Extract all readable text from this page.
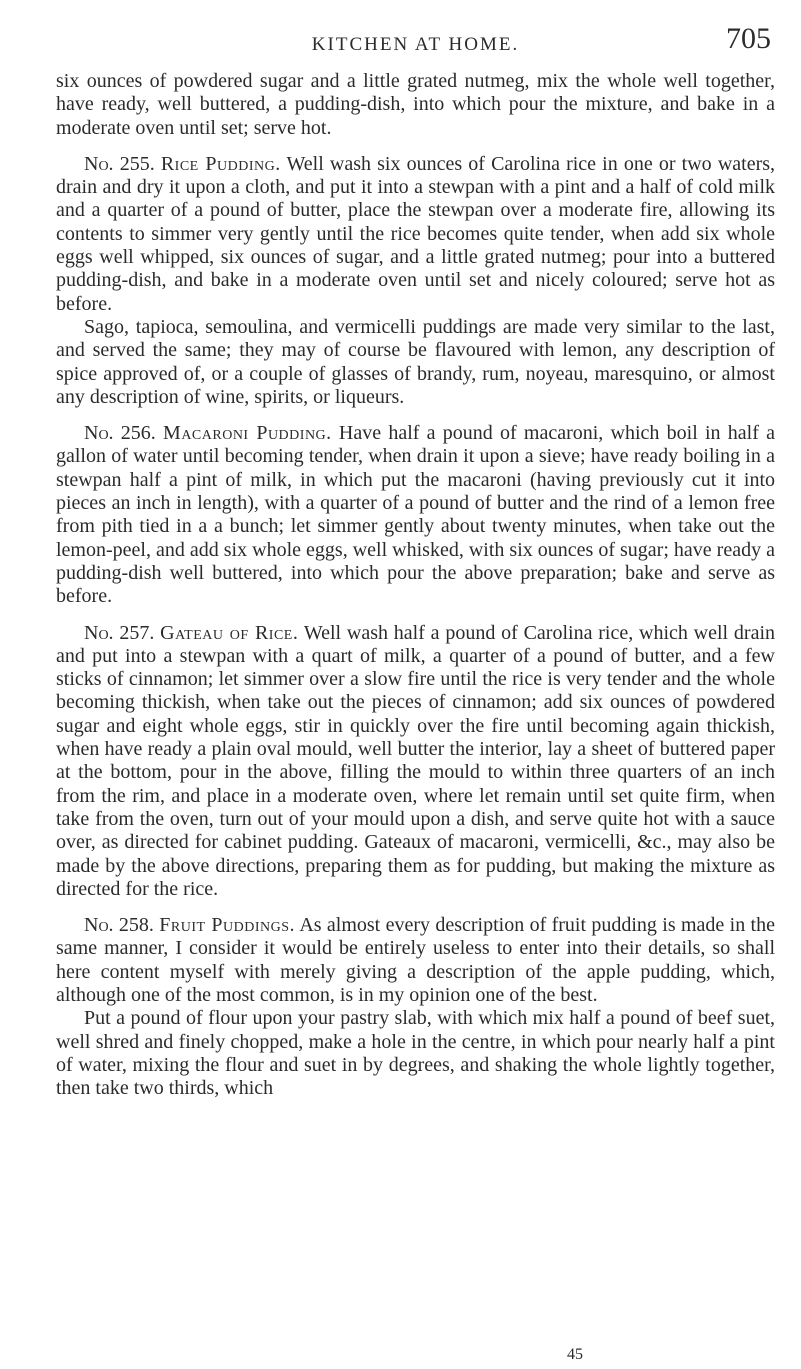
KITCHEN AT HOME.	705

six ounces of powdered sugar and a little grated nutmeg, mix the whole well together, have ready, well buttered, a pudding-dish, into which pour the mixture, and bake in a moderate oven until set; serve hot.

No. 255. Rice Pudding. Well wash six ounces of Carolina rice in one or two waters, drain and dry it upon a cloth, and put it into a stewpan with a pint and a half of cold milk and a quarter of a pound of butter, place the stewpan over a moderate fire, allowing its contents to simmer very gently until the rice becomes quite tender, when add six whole eggs well whipped, six ounces of sugar, and a little grated nutmeg; pour into a buttered pudding-dish, and bake in a moderate oven until set and nicely coloured; serve hot as before.

Sago, tapioca, semoulina, and vermicelli puddings are made very similar to the last, and served the same; they may of course be flavoured with lemon, any description of spice approved of, or a couple of glasses of brandy, rum, noyeau, maresquino, or almost any description of wine, spirits, or liqueurs.

No. 256. Macaroni Pudding. Have half a pound of macaroni, which boil in half a gallon of water until becoming tender, when drain it upon a sieve; have ready boiling in a stewpan half a pint of milk, in which put the macaroni (having previously cut it into pieces an inch in length), with a quarter of a pound of butter and the rind of a lemon free from pith tied in a a bunch; let simmer gently about twenty minutes, when take out the lemon-peel, and add six whole eggs, well whisked, with six ounces of sugar; have ready a pudding-dish well buttered, into which pour the above preparation; bake and serve as before.

No. 257. Gateau of Rice. Well wash half a pound of Carolina rice, which well drain and put into a stewpan with a quart of milk, a quarter of a pound of butter, and a few sticks of cinnamon; let simmer over a slow fire until the rice is very tender and the whole becoming thickish, when take out the pieces of cinnamon; add six ounces of powdered sugar and eight whole eggs, stir in quickly over the fire until becoming again thickish, when have ready a plain oval mould, well butter the interior, lay a sheet of buttered paper at the bottom, pour in the above, filling the mould to within three quarters of an inch from the rim, and place in a moderate oven, where let remain until set quite firm, when take from the oven, turn out of your mould upon a dish, and serve quite hot with a sauce over, as directed for cabinet pudding. Gateaux of macaroni, vermicelli, &c., may also be made by the above directions, preparing them as for pudding, but making the mixture as directed for the rice.

No. 258. Fruit Puddings. As almost every description of fruit pudding is made in the same manner, I consider it would be entirely useless to enter into their details, so shall here content myself with merely giving a description of the apple pudding, which, although one of the most common, is in my opinion one of the best.

Put a pound of flour upon your pastry slab, with which mix half a pound of beef suet, well shred and finely chopped, make a hole in the centre, in which pour nearly half a pint of water, mixing the flour and suet in by degrees, and shaking the whole lightly together, then take two thirds, which

45
